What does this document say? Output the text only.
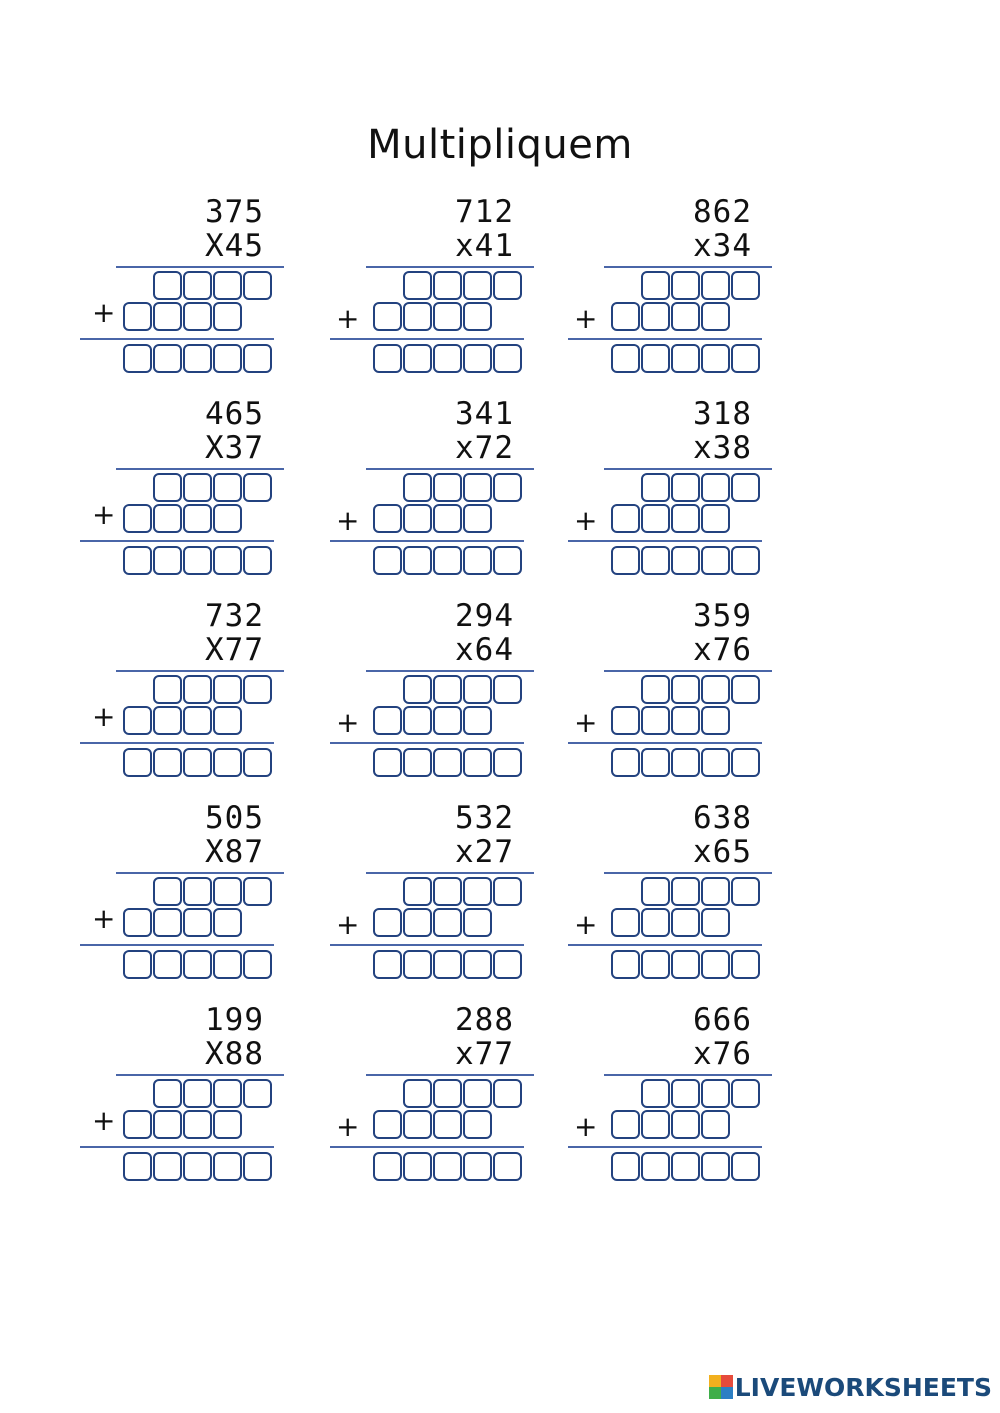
Multipliquem
375
X45
+
712
x41
+
862
x34
+
465
X37
+
341
x72
+
318
x38
+
732
X77
+
294
x64
+
359
x76
+
505
X87
+
532
x27
+
638
x65
+
199
X88
+
288
x77
+
666
x76
+
LIVEWORKSHEETS
